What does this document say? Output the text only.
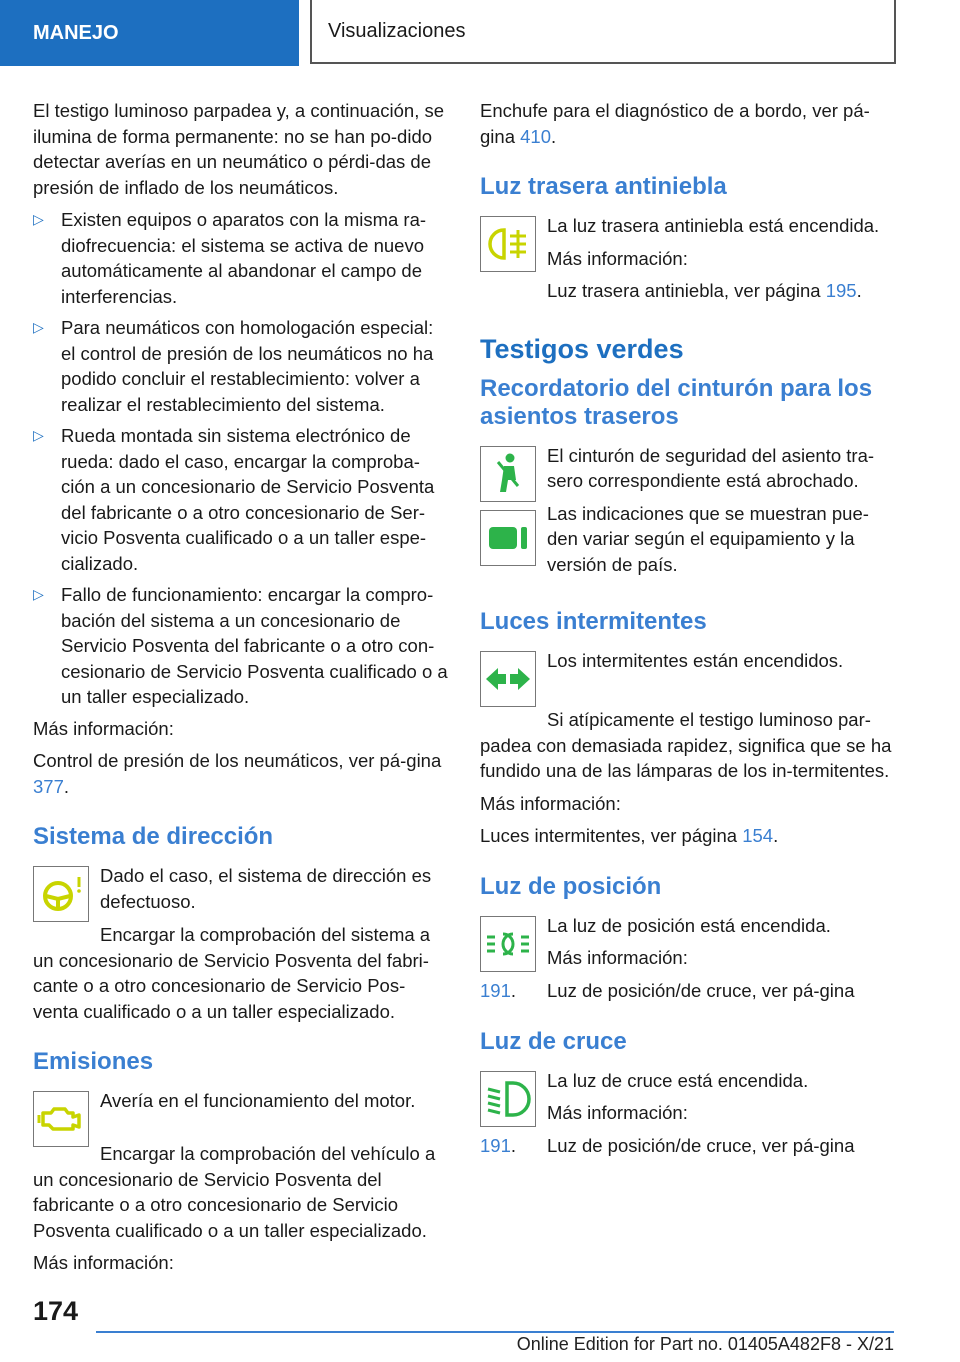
MANEJO	Visualizaciones

El testigo luminoso parpadea y, a continuación, se ilumina de forma permanente: no se han po-dido detectar averías en un neumático o pérdi-das de presión de inflado de los neumáticos.

▷ Existen equipos o aparatos con la misma ra-diofrecuencia: el sistema se activa de nuevo automáticamente al abandonar el campo de interferencias.
▷ Para neumáticos con homologación especial: el control de presión de los neumáticos no ha podido concluir el restablecimiento: volver a realizar el restablecimiento del sistema.
▷ Rueda montada sin sistema electrónico de rueda: dado el caso, encargar la comproba-ción a un concesionario de Servicio Posventa del fabricante o a otro concesionario de Ser-vicio Posventa cualificado o a un taller espe-cializado.
▷ Fallo de funcionamiento: encargar la compro-bación del sistema a un concesionario de Servicio Posventa del fabricante o a otro con-cesionario de Servicio Posventa cualificado o a un taller especializado.

Más información:

Control de presión de los neumáticos, ver pá-gina 377.

Sistema de dirección

Dado el caso, el sistema de dirección es defectuoso.

Encargar la comprobación del sistema a un concesionario de Servicio Posventa del fabri-cante o a otro concesionario de Servicio Pos-venta cualificado o a un taller especializado.

Emisiones

Avería en el funcionamiento del motor.

Encargar la comprobación del vehículo a un concesionario de Servicio Posventa del fabricante o a otro concesionario de Servicio Posventa cualificado o a un taller especializado.

Más información:

Enchufe para el diagnóstico de a bordo, ver pá-gina 410.

Luz trasera antiniebla

La luz trasera antiniebla está encendida.

Más información:

Luz trasera antiniebla, ver página 195.

Testigos verdes
Recordatorio del cinturón para los asientos traseros

El cinturón de seguridad del asiento tra-sero correspondiente está abrochado.

Las indicaciones que se muestran pue-den variar según el equipamiento y la versión de país.

Luces intermitentes

Los intermitentes están encendidos.

Si atípicamente el testigo luminoso par-padea con demasiada rapidez, significa que se ha fundido una de las lámparas de los in-termitentes.

Más información:

Luces intermitentes, ver página 154.

Luz de posición

La luz de posición está encendida.

Más información:

Luz de posición/de cruce, ver pá-gina

191.

Luz de cruce

La luz de cruce está encendida.

Más información:

Luz de posición/de cruce, ver pá-gina

191.

174
Online Edition for Part no. 01405A482F8 - X/21
